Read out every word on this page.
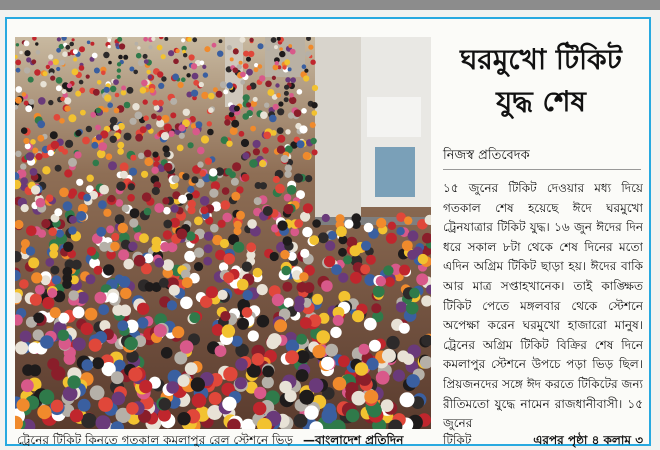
ট্রেনের টিকিট কিনতে গতকাল কমলাপুর রেল স্টেশনে ভিড় —বাংলাদেশ প্রতিদিন
ঘরমুখো টিকিট
যুদ্ধ শেষ
নিজস্ব প্রতিবেদক
১৫ জুনের টিকিট দেওয়ার মধ্য দিয়ে গতকাল শেষ হয়েছে ঈদে ঘরমুখো ট্রেনযাত্রার টিকিট যুদ্ধ। ১৬ জুন ঈদের দিন ধরে সকাল ৮টা থেকে শেষ দিনের মতো এদিন অগ্রিম টিকিট ছাড়া হয়। ঈদের বাকি আর মাত্র সপ্তাহখানেক। তাই কাঙ্ক্ষিত টিকিট পেতে মঙ্গলবার থেকে স্টেশনে অপেক্ষা করেন ঘরমুখো হাজারো মানুষ। ট্রেনের অগ্রিম টিকিট বিক্রির শেষ দিনে কমলাপুর স্টেশনে উপচে পড়া ভিড় ছিল। প্রিয়জনদের সঙ্গে ঈদ করতে টিকিটের জন্য রীতিমতো যুদ্ধে নামেন রাজধানীবাসী। ১৫ জুনের
টিকিট	এরপর পৃষ্ঠা ৪ কলাম ৩
